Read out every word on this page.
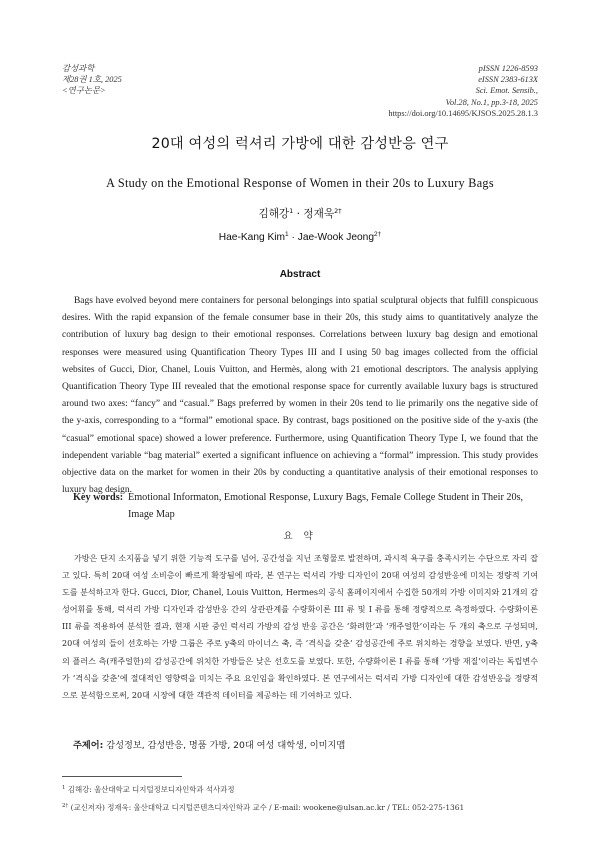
감성과학
제28권 1호, 2025
<연구논문>
pISSN 1226-8593
eISSN 2383-613X
Sci. Emot. Sensib.,
Vol.28, No.1, pp.3-18, 2025
https://doi.org/10.14695/KJSOS.2025.28.1.3
20대 여성의 럭셔리 가방에 대한 감성반응 연구
A Study on the Emotional Response of Women in their 20s to Luxury Bags
김해강$^1$ · 정재욱$^{2\dagger}$
Hae-Kang Kim$^1$ · Jae-Wook Jeong$^{2\dagger}$
Abstract

Bags have evolved beyond mere containers for personal belongings into spatial sculptural objects that fulfill conspicuous desires. With the rapid expansion of the female consumer base in their 20s, this study aims to quantitatively analyze the contribution of luxury bag design to their emotional responses. Correlations between luxury bag design and emotional responses were measured using Quantification Theory Types III and I using 50 bag images collected from the official websites of Gucci, Dior, Chanel, Louis Vuitton, and Hermès, along with 21 emotional descriptors. The analysis applying Quantification Theory Type III revealed that the emotional response space for currently available luxury bags is structured around two axes: “fancy” and “casual.” Bags preferred by women in their 20s tend to lie primarily ons the negative side of the y-axis, corresponding to a “formal” emotional space. By contrast, bags positioned on the positive side of the y-axis (the “casual” emotional space) showed a lower preference. Furthermore, using Quantification Theory Type I, we found that the independent variable “bag material” exerted a significant influence on achieving a “formal” impression. This study provides objective data on the market for women in their 20s by conducting a quantitative analysis of their emotional responses to luxury bag design.

Key words: Emotional Informaton, Emotional Response, Luxury Bags, Female College Student in Their 20s, Image Map
요 약

가방은 단지 소지품을 넣기 위한 기능적 도구를 넘어, 공간성을 지닌 조형물로 발전하며, 과시적 욕구를 충족시키는 수단으로 자리 잡고 있다. 특히 20대 여성 소비층이 빠르게 확장됨에 따라, 본 연구는 럭셔리 가방 디자인이 20대 여성의 감성반응에 미치는 정량적 기여도를 분석하고자 한다. Gucci, Dior, Chanel, Louis Vuitton, Hermes의 공식 홈페이지에서 수집한 50개의 가방 이미지와 21개의 감성어휘를 통해, 럭셔리 가방 디자인과 감성반응 간의 상관관계를 수량화이론 III 류 및 I 류를 통해 정량적으로 측정하였다. 수량화이론 III 류를 적용하여 분석한 결과, 현재 시판 중인 럭셔리 가방의 감성 반응 공간은 ‘화려한’과 ‘캐주얼한’이라는 두 개의 축으로 구성되며, 20대 여성의 들이 선호하는 가방 그룹은 주로 y축의 마이너스 축, 즉 ‘격식을 갖춘’ 감성공간에 주로 위치하는 경향을 보였다. 반면, y축의 플러스 측(캐주얼한)의 감성공간에 위치한 가방들은 낮은 선호도를 보였다. 또한, 수량화이론 I 류를 통해 ‘가방 재질’이라는 독립변수가 ‘격식을 갖춘’에 절대적인 영향력을 미치는 주요 요인임을 확인하였다. 본 연구에서는 럭셔리 가방 디자인에 대한 감성반응을 정량적으로 분석함으로써, 20대 시장에 대한 객관적 데이터를 제공하는 데 기여하고 있다.

주제어: 감성정보, 감성반응, 명품 가방, 20대 여성 대학생, 이미지맵
$^1$ 김해강: 울산대학교 디지털정보디자인학과 석사과정
$^{2\dagger}$ (교신저자) 정재욱: 울산대학교 디지털콘텐츠디자인학과 교수 / E-mail: wookene@ulsan.ac.kr / TEL: 052-275-1361
